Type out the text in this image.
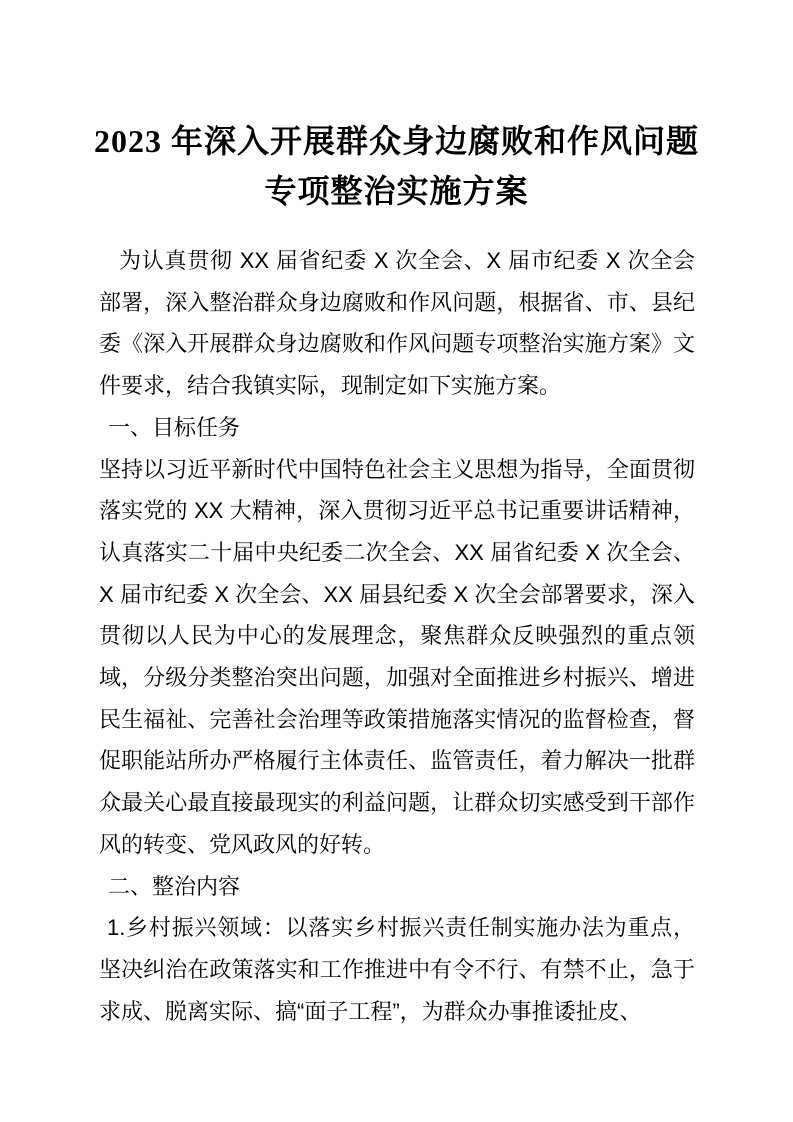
2023 年深入开展群众身边腐败和作风问题
专项整治实施方案

为认真贯彻 XX 届省纪委 X 次全会、X 届市纪委 X 次全会部署，深入整治群众身边腐败和作风问题，根据省、市、县纪委《深入开展群众身边腐败和作风问题专项整治实施方案》文件要求，结合我镇实际，现制定如下实施方案。

一、目标任务

坚持以习近平新时代中国特色社会主义思想为指导，全面贯彻落实党的 XX 大精神，深入贯彻习近平总书记重要讲话精神，认真落实二十届中央纪委二次全会、XX 届省纪委 X 次全会、X 届市纪委 X 次全会、XX 届县纪委 X 次全会部署要求，深入贯彻以人民为中心的发展理念，聚焦群众反映强烈的重点领域，分级分类整治突出问题，加强对全面推进乡村振兴、增进民生福祉、完善社会治理等政策措施落实情况的监督检查，督促职能站所办严格履行主体责任、监管责任，着力解决一批群众最关心最直接最现实的利益问题，让群众切实感受到干部作风的转变、党风政风的好转。

二、整治内容

1.乡村振兴领域：以落实乡村振兴责任制实施办法为重点，坚决纠治在政策落实和工作推进中有令不行、有禁不止，急于求成、脱离实际、搞“面子工程”，为群众办事推诿扯皮、
